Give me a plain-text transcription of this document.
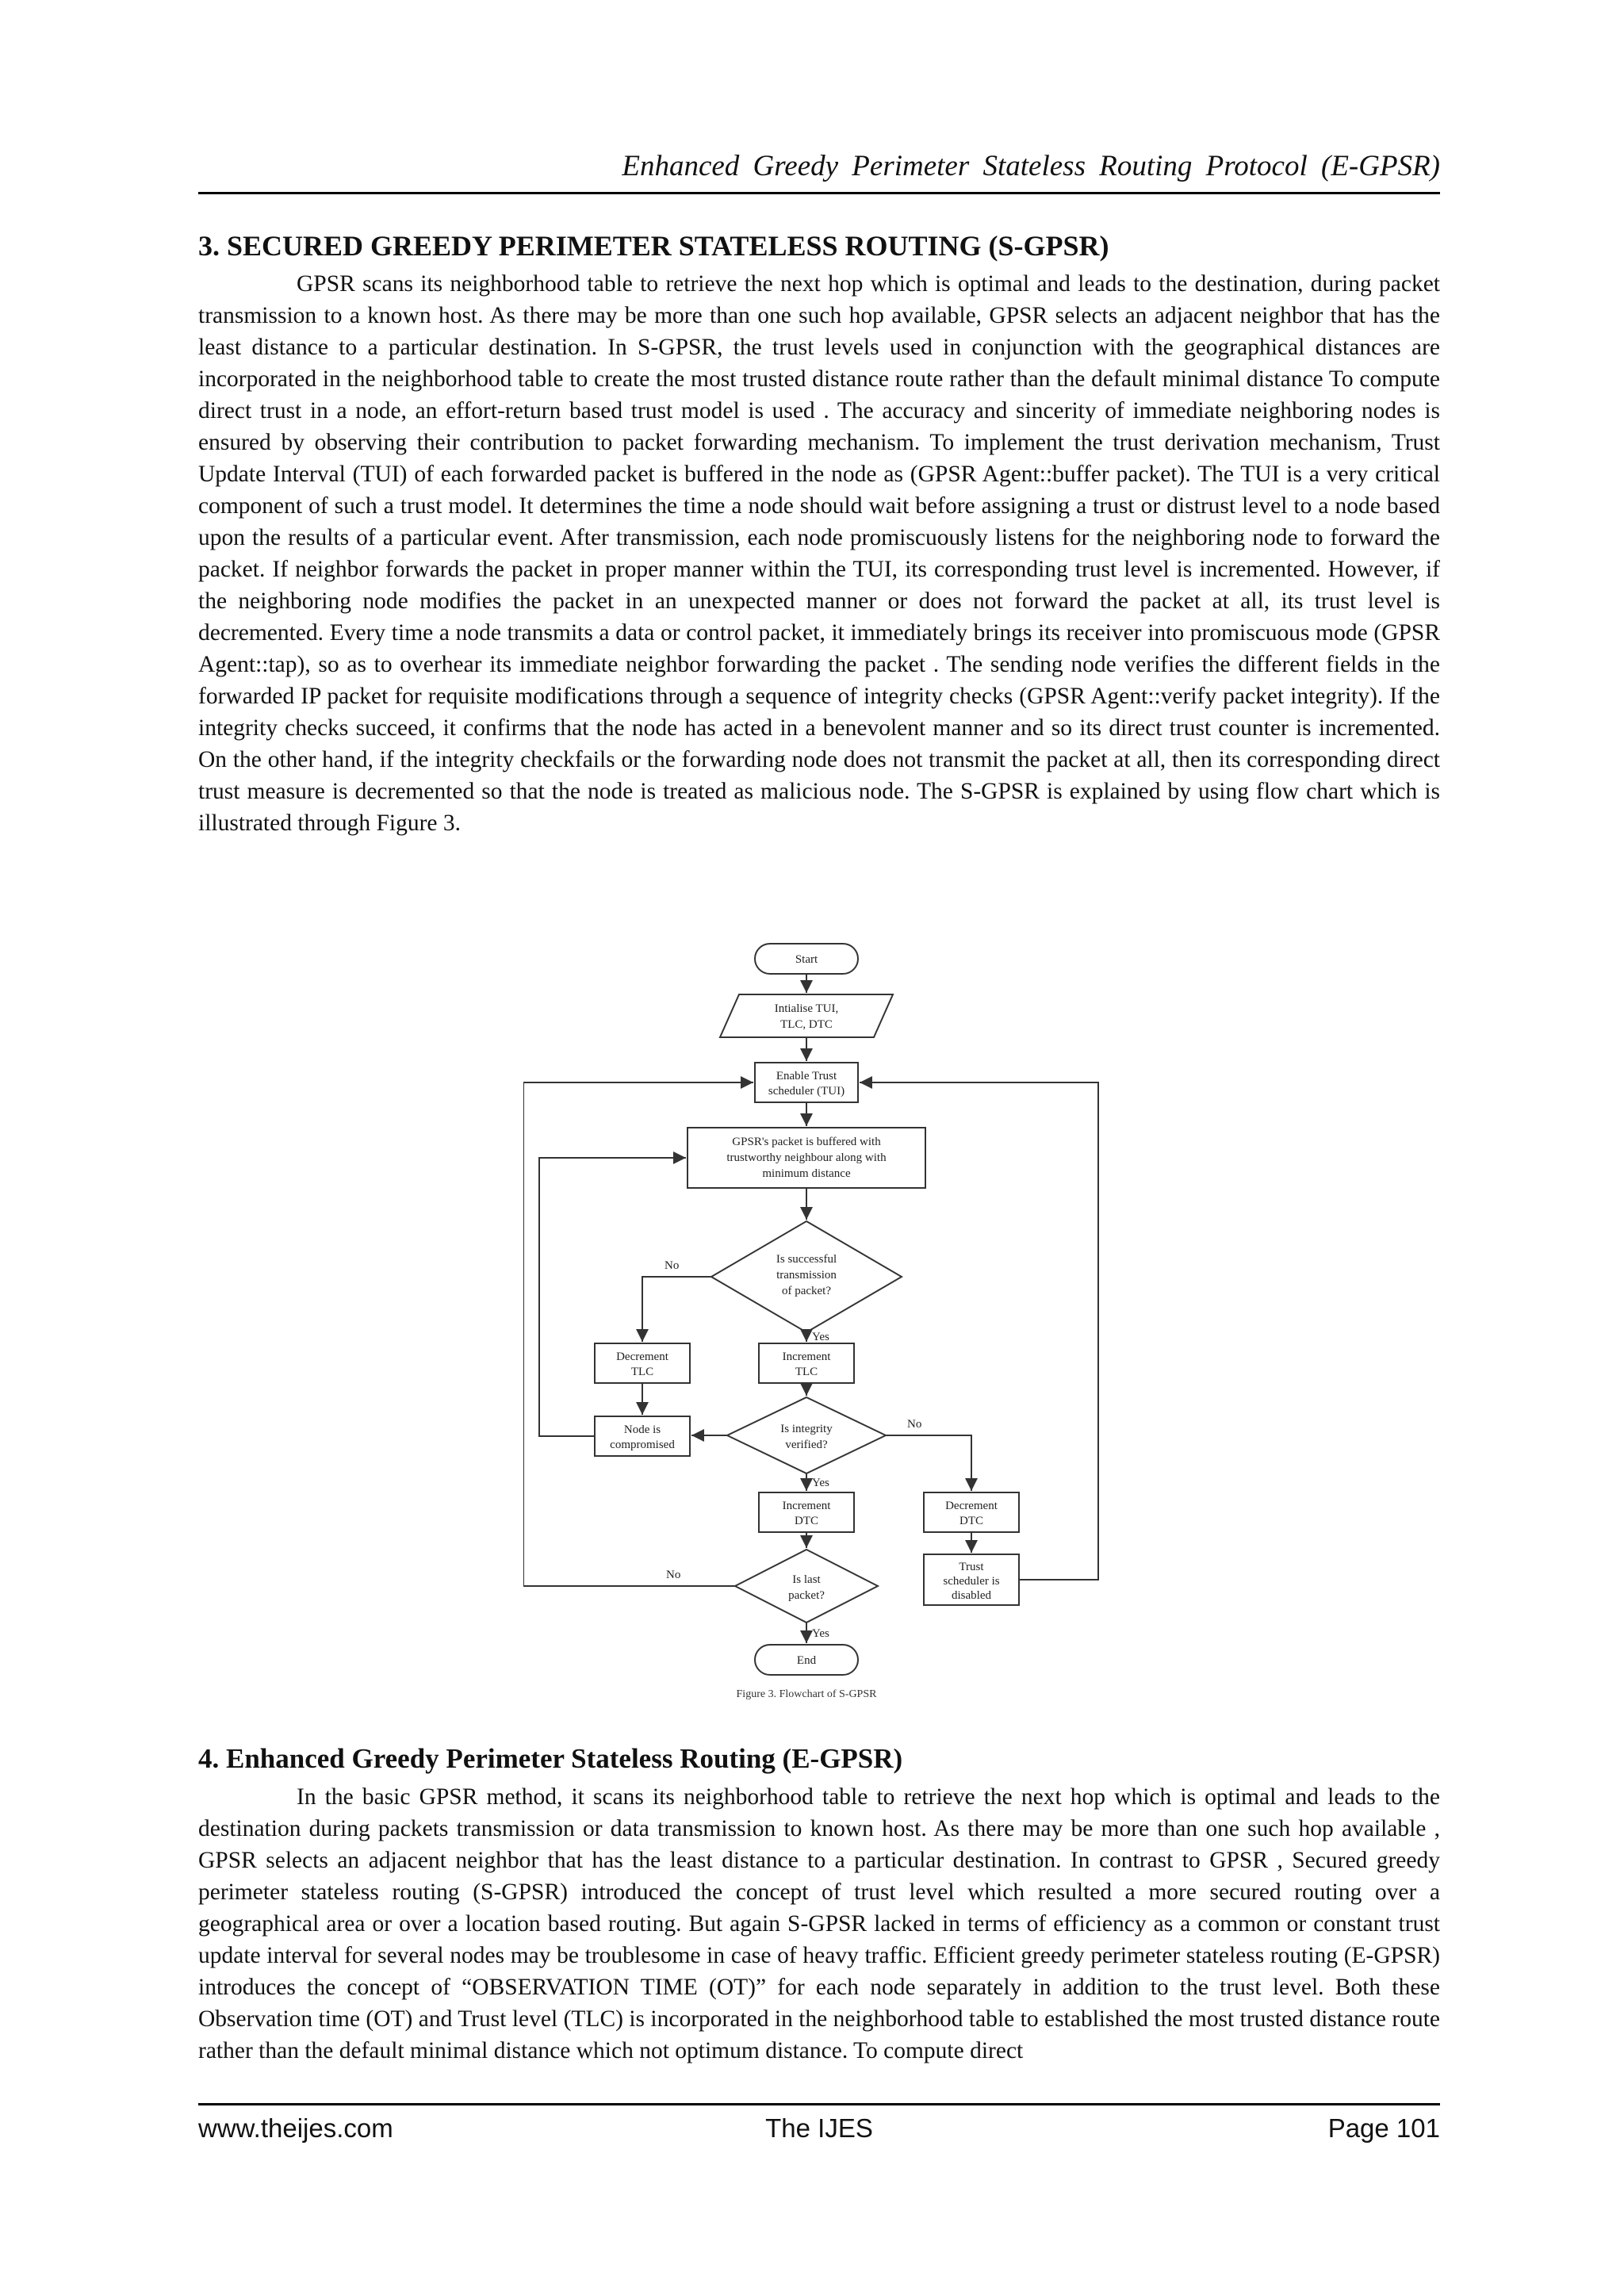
Enhanced Greedy Perimeter Stateless Routing Protocol (E-GPSR)
3. SECURED GREEDY PERIMETER STATELESS ROUTING (S-GPSR)

GPSR scans its neighborhood table to retrieve the next hop which is optimal and leads to the destination, during packet transmission to a known host. As there may be more than one such hop available, GPSR selects an adjacent neighbor that has the least distance to a particular destination. In S-GPSR, the trust levels used in conjunction with the geographical distances are incorporated in the neighborhood table to create the most trusted distance route rather than the default minimal distance To compute direct trust in a node, an effort-return based trust model is used . The accuracy and sincerity of immediate neighboring nodes is ensured by observing their contribution to packet forwarding mechanism. To implement the trust derivation mechanism, Trust Update Interval (TUI) of each forwarded packet is buffered in the node as (GPSR Agent::buffer packet). The TUI is a very critical component of such a trust model. It determines the time a node should wait before assigning a trust or distrust level to a node based upon the results of a particular event. After transmission, each node promiscuously listens for the neighboring node to forward the packet. If neighbor forwards the packet in proper manner within the TUI, its corresponding trust level is incremented. However, if the neighboring node modifies the packet in an unexpected manner or does not forward the packet at all, its trust level is decremented. Every time a node transmits a data or control packet, it immediately brings its receiver into promiscuous mode (GPSR Agent::tap), so as to overhear its immediate neighbor forwarding the packet . The sending node verifies the different fields in the forwarded IP packet for requisite modifications through a sequence of integrity checks (GPSR Agent::verify packet integrity). If the integrity checks succeed, it confirms that the node has acted in a benevolent manner and so its direct trust counter is incremented. On the other hand, if the integrity checkfails or the forwarding node does not transmit the packet at all, then its corresponding direct trust measure is decremented so that the node is treated as malicious node. The S-GPSR is explained by using flow chart which is illustrated through Figure 3.

Start
Intialise TUI,
TLC, DTC
Enable Trust
scheduler (TUI)
GPSR's packet is buffered with
trustworthy neighbour along with
minimum distance
Is successful
transmission
of packet?
No
Yes
Decrement
TLC
Increment
TLC
Node is
compromised
Is integrity
verified?
No
Yes
Increment
DTC
Decrement
DTC
Is last
packet?
No
Yes
Trust
scheduler is
disabled
End
Figure 3. Flowchart of S-GPSR
4. Enhanced Greedy Perimeter Stateless Routing (E-GPSR)

In the basic GPSR method, it scans its neighborhood table to retrieve the next hop which is optimal and leads to the destination during packets transmission or data transmission to known host. As there may be more than one such hop available , GPSR selects an adjacent neighbor that has the least distance to a particular destination. In contrast to GPSR , Secured greedy perimeter stateless routing (S-GPSR) introduced the concept of trust level which resulted a more secured routing over a geographical area or over a location based routing. But again S-GPSR lacked in terms of efficiency as a common or constant trust update interval for several nodes may be troublesome in case of heavy traffic. Efficient greedy perimeter stateless routing (E-GPSR) introduces the concept of “OBSERVATION TIME (OT)” for each node separately in addition to the trust level. Both these Observation time (OT) and Trust level (TLC) is incorporated in the neighborhood table to established the most trusted distance route rather than the default minimal distance which not optimum distance. To compute direct

www.theijes.com	The IJES	Page 101
